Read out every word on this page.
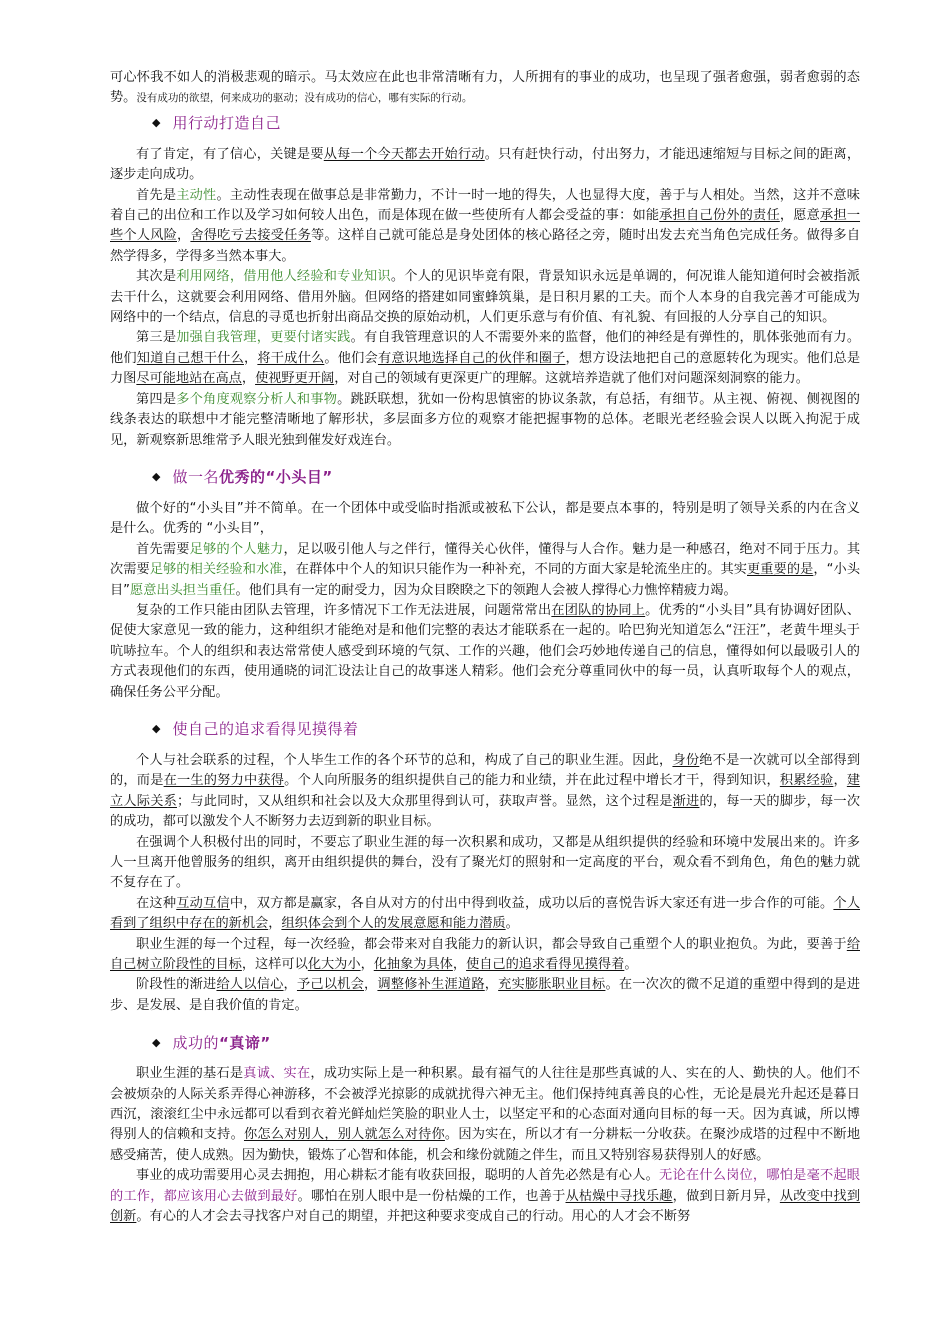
可心怀我不如人的消极悲观的暗示。马太效应在此也非常清晰有力，人所拥有的事业的成功，也呈现了强者愈强，弱者愈弱的态势。没有成功的欲望，何来成功的驱动；没有成功的信心，哪有实际的行动。

◆ 用行动打造自己

有了肯定，有了信心，关键是要从每一个今天都去开始行动。只有赶快行动，付出努力，才能迅速缩短与目标之间的距离，逐步走向成功。

首先是主动性。主动性表现在做事总是非常勤力，不计一时一地的得失，人也显得大度，善于与人相处。当然，这并不意味着自己的出位和工作以及学习如何较人出色，而是体现在做一些使所有人都会受益的事：如能承担自己份外的责任，愿意承担一些个人风险，舍得吃亏去接受任务等。这样自己就可能总是身处团体的核心路径之旁，随时出发去充当角色完成任务。做得多自然学得多，学得多当然本事大。

其次是利用网络，借用他人经验和专业知识。个人的见识毕竟有限，背景知识永远是单调的，何况谁人能知道何时会被指派去干什么，这就要会利用网络、借用外脑。但网络的搭建如同蜜蜂筑巢，是日积月累的工夫。而个人本身的自我完善才可能成为网络中的一个结点，信息的寻觅也折射出商品交换的原始动机，人们更乐意与有价值、有礼貌、有回报的人分享自己的知识。

第三是加强自我管理，更要付诸实践。有自我管理意识的人不需要外来的监督，他们的神经是有弹性的，肌体张弛而有力。他们知道自己想干什么，将干成什么。他们会有意识地选择自己的伙伴和圈子，想方设法地把自己的意愿转化为现实。他们总是力图尽可能地站在高点，使视野更开阔，对自己的领域有更深更广的理解。这就培养造就了他们对问题深刻洞察的能力。

第四是多个角度观察分析人和事物。跳跃联想，犹如一份构思慎密的协议条款，有总括，有细节。从主视、俯视、侧视图的线条表达的联想中才能完整清晰地了解形状，多层面多方位的观察才能把握事物的总体。老眼光老经验会误人以既入拘泥于成见，新观察新思维常予人眼光独到催发好戏连台。

◆ 做一名优秀的“小头目”

做个好的“小头目”并不简单。在一个团体中或受临时指派或被私下公认，都是要点本事的，特别是明了领导关系的内在含义是什么。优秀的 “小头目”，

首先需要足够的个人魅力，足以吸引他人与之伴行，懂得关心伙伴，懂得与人合作。魅力是一种感召，绝对不同于压力。其次需要足够的相关经验和水准，在群体中个人的知识只能作为一种补充，不同的方面大家是轮流坐庄的。其实更重要的是，“小头目”愿意出头担当重任。他们具有一定的耐受力，因为众目睽睽之下的领跑人会被人撑得心力憔悴精疲力竭。

复杂的工作只能由团队去管理，许多情况下工作无法进展，问题常常出在团队的协同上。优秀的“小头目”具有协调好团队、促使大家意见一致的能力，这种组织才能绝对是和他们完整的表达才能联系在一起的。哈巴狗光知道怎么“汪汪”，老黄牛埋头于吭哧拉车。个人的组织和表达常常使人感受到环境的气氛、工作的兴趣，他们会巧妙地传递自己的信息，懂得如何以最吸引人的方式表现他们的东西，使用通晓的词汇设法让自己的故事迷人精彩。他们会充分尊重同伙中的每一员，认真听取每个人的观点，确保任务公平分配。

◆ 使自己的追求看得见摸得着

个人与社会联系的过程，个人毕生工作的各个环节的总和，构成了自己的职业生涯。因此，身份绝不是一次就可以全部得到的，而是在一生的努力中获得。个人向所服务的组织提供自己的能力和业绩，并在此过程中增长才干，得到知识，积累经验，建立人际关系；与此同时，又从组织和社会以及大众那里得到认可，获取声誉。显然，这个过程是渐进的，每一天的脚步，每一次的成功，都可以激发个人不断努力去迈到新的职业目标。

在强调个人积极付出的同时，不要忘了职业生涯的每一次积累和成功，又都是从组织提供的经验和环境中发展出来的。许多人一旦离开他曾服务的组织，离开由组织提供的舞台，没有了聚光灯的照射和一定高度的平台，观众看不到角色，角色的魅力就不复存在了。

在这种互动互信中，双方都是赢家，各自从对方的付出中得到收益，成功以后的喜悦告诉大家还有进一步合作的可能。个人看到了组织中存在的新机会，组织体会到个人的发展意愿和能力潜质。

职业生涯的每一个过程，每一次经验，都会带来对自我能力的新认识，都会导致自己重塑个人的职业抱负。为此，要善于给自己树立阶段性的目标，这样可以化大为小，化抽象为具体，使自己的追求看得见摸得着。

阶段性的渐进给人以信心，予己以机会，调整修补生涯道路，充实膨胀职业目标。在一次次的微不足道的重塑中得到的是进步、是发展、是自我价值的肯定。

◆ 成功的“真谛”

职业生涯的基石是真诚、实在，成功实际上是一种积累。最有福气的人往往是那些真诚的人、实在的人、勤快的人。他们不会被烦杂的人际关系弄得心神游移，不会被浮光掠影的成就扰得六神无主。他们保持纯真善良的心性，无论是晨光升起还是暮日西沉，滚滚红尘中永远都可以看到衣着光鲜灿烂笑脸的职业人士，以坚定平和的心态面对通向目标的每一天。因为真诚，所以博得别人的信赖和支持。你怎么对别人，别人就怎么对待你。因为实在，所以才有一分耕耘一分收获。在聚沙成塔的过程中不断地感受痛苦，使人成熟。因为勤快，锻炼了心智和体能，机会和缘份就随之伴生，而且又特别容易获得别人的好感。

事业的成功需要用心灵去拥抱，用心耕耘才能有收获回报，聪明的人首先必然是有心人。无论在什么岗位，哪怕是毫不起眼的工作，都应该用心去做到最好。哪怕在别人眼中是一份枯燥的工作，也善于从枯燥中寻找乐趣，做到日新月异，从改变中找到创新。有心的人才会去寻找客户对自己的期望，并把这种要求变成自己的行动。用心的人才会不断努
